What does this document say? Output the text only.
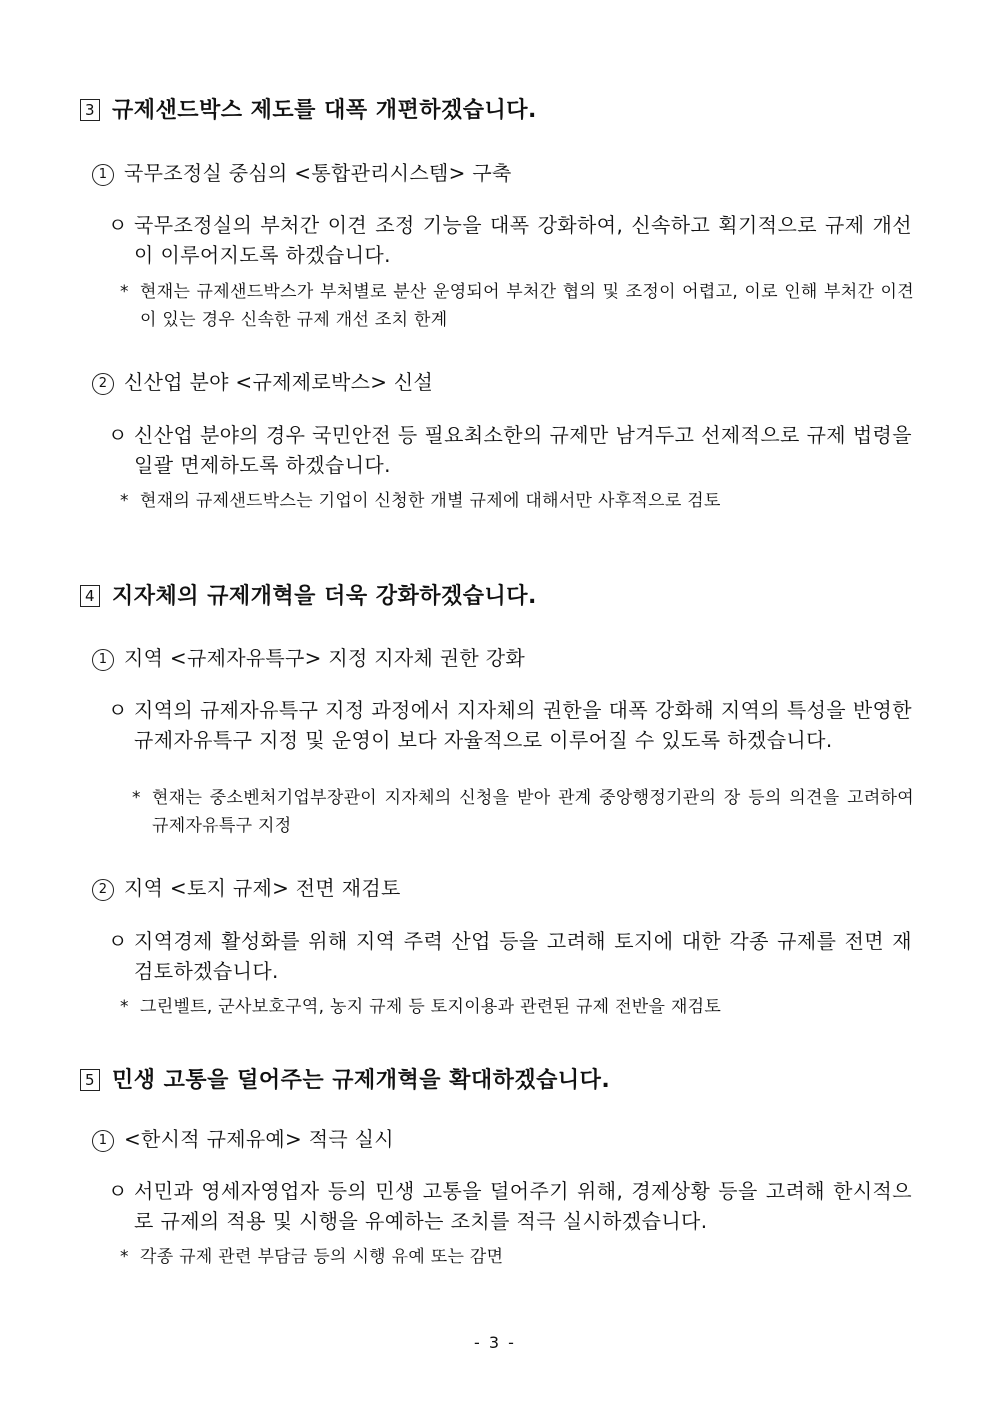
3 규제샌드박스 제도를 대폭 개편하겠습니다.
1 국무조정실 중심의 <통합관리시스템> 구축
ㅇ 국무조정실의 부처간 이견 조정 기능을 대폭 강화하여, 신속하고 획기적으로 규제 개선이 이루어지도록 하겠습니다.
* 현재는 규제샌드박스가 부처별로 분산 운영되어 부처간 협의 및 조정이 어렵고, 이로 인해 부처간 이견이 있는 경우 신속한 규제 개선 조치 한계
2 신산업 분야 <규제제로박스> 신설
ㅇ 신산업 분야의 경우 국민안전 등 필요최소한의 규제만 남겨두고 선제적으로 규제 법령을 일괄 면제하도록 하겠습니다.
* 현재의 규제샌드박스는 기업이 신청한 개별 규제에 대해서만 사후적으로 검토
4 지자체의 규제개혁을 더욱 강화하겠습니다.
1 지역 <규제자유특구> 지정 지자체 권한 강화
ㅇ 지역의 규제자유특구 지정 과정에서 지자체의 권한을 대폭 강화해 지역의 특성을 반영한 규제자유특구 지정 및 운영이 보다 자율적으로 이루어질 수 있도록 하겠습니다.
* 현재는 중소벤처기업부장관이 지자체의 신청을 받아 관계 중앙행정기관의 장 등의 의견을 고려하여 규제자유특구 지정
2 지역 <토지 규제> 전면 재검토
ㅇ 지역경제 활성화를 위해 지역 주력 산업 등을 고려해 토지에 대한 각종 규제를 전면 재검토하겠습니다.
* 그린벨트, 군사보호구역, 농지 규제 등 토지이용과 관련된 규제 전반을 재검토
5 민생 고통을 덜어주는 규제개혁을 확대하겠습니다.
1 <한시적 규제유예> 적극 실시
ㅇ 서민과 영세자영업자 등의 민생 고통을 덜어주기 위해, 경제상황 등을 고려해 한시적으로 규제의 적용 및 시행을 유예하는 조치를 적극 실시하겠습니다.
* 각종 규제 관련 부담금 등의 시행 유예 또는 감면
- 3 -
